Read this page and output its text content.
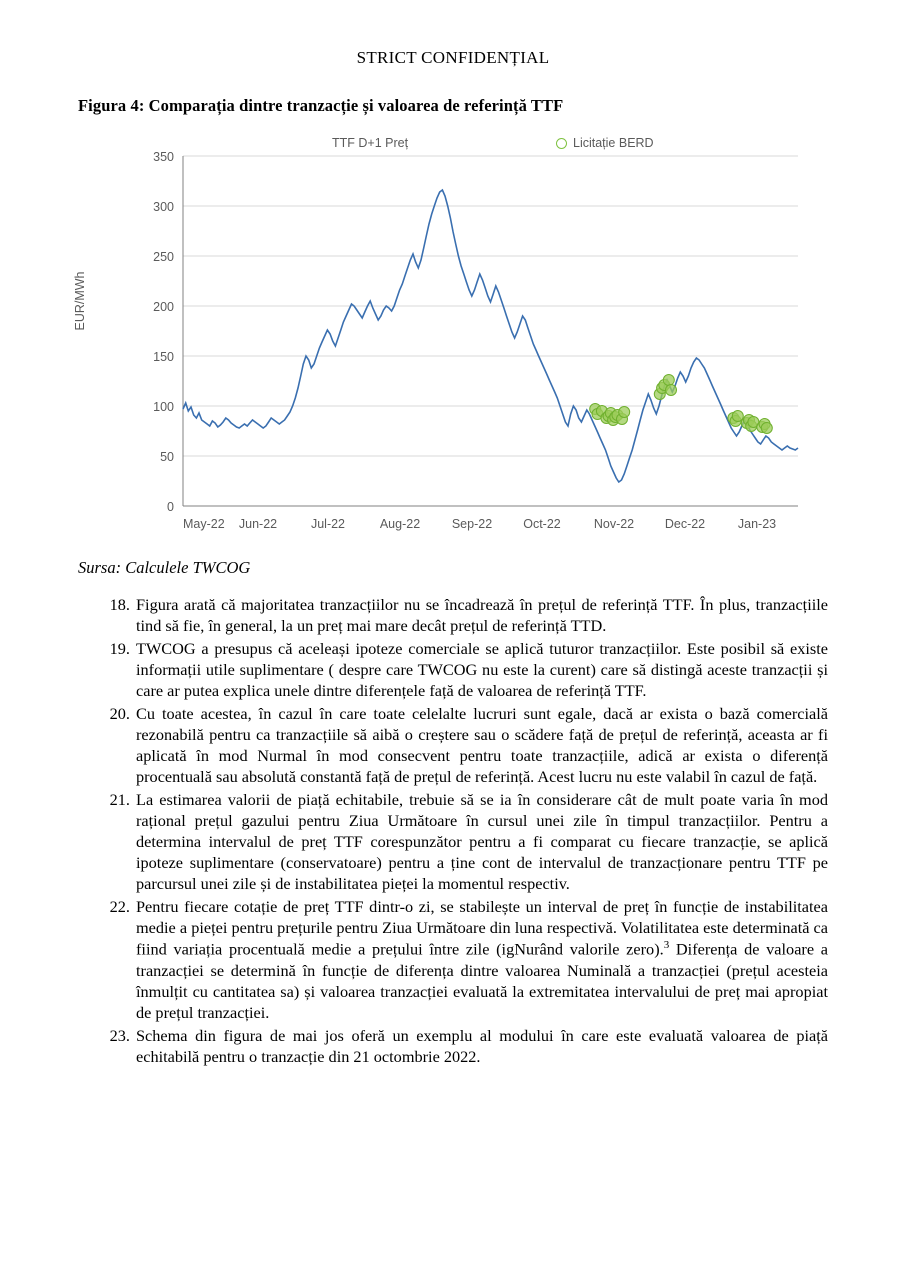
STRICT CONFIDENȚIAL
Figura 4: Comparația dintre tranzacție și valoarea de referință TTF
TTF D+1 Preț	Licitație BERD
EUR/MWh
350
300
250
200
150
100
50
0
May-22 Jun-22	Jul-22	Aug-22	Sep-22 Oct-22	Nov-22 Dec-22	Jan-23
Sursa: Calculele TWCOG
18. Figura arată că majoritatea tranzacțiilor nu se încadrează în prețul de referință TTF. În plus, tranzacțiile tind să fie, în general, la un preț mai mare decât prețul de referință TTD.
19. TWCOG a presupus că aceleași ipoteze comerciale se aplică tuturor tranzacțiilor. Este posibil să existe informații utile suplimentare ( despre care TWCOG nu este la curent) care să distingă aceste tranzacții și care ar putea explica unele dintre diferențele față de valoarea de referință TTF.
20. Cu toate acestea, în cazul în care toate celelalte lucruri sunt egale, dacă ar exista o bază comercială rezonabilă pentru ca tranzacțiile să aibă o creștere sau o scădere față de prețul de referință, aceasta ar fi aplicată în mod Nurmal în mod consecvent pentru toate tranzacțiile, adică ar exista o diferență procentuală sau absolută constantă față de prețul de referință. Acest lucru nu este valabil în cazul de față.
21. La estimarea valorii de piață echitabile, trebuie să se ia în considerare cât de mult poate varia în mod rațional prețul gazului pentru Ziua Următoare în cursul unei zile în timpul tranzacțiilor. Pentru a determina intervalul de preț TTF corespunzător pentru a fi comparat cu fiecare tranzacție, se aplică ipoteze suplimentare (conservatoare) pentru a ține cont de intervalul de tranzacționare pentru TTF pe parcursul unei zile și de instabilitatea pieței la momentul respectiv.
22. Pentru fiecare cotație de preț TTF dintr-o zi, se stabilește un interval de preț în funcție de instabilitatea medie a pieței pentru prețurile pentru Ziua Următoare din luna respectivă. Volatilitatea este determinată ca fiind variația procentuală medie a prețului între zile (igNurând valorile zero).$^3$ Diferența de valoare a tranzacției se determină în funcție de diferența dintre valoarea Numinală a tranzacției (prețul acesteia înmulțit cu cantitatea sa) și valoarea tranzacției evaluată la extremitatea intervalului de preț mai apropiat de prețul tranzacției.
23. Schema din figura de mai jos oferă un exemplu al modului în care este evaluată valoarea de piață echitabilă pentru o tranzacție din 21 octombrie 2022.
